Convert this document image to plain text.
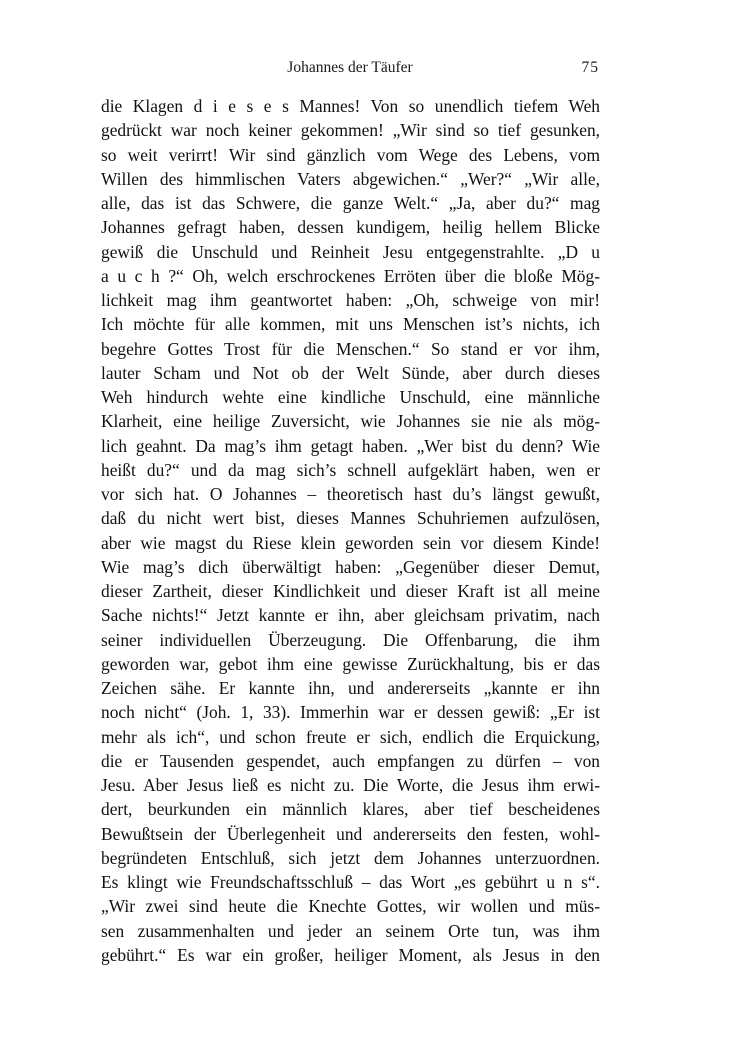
Johannes der Täufer	75
die Klagen d i e s e s Mannes! Von so unendlich tiefem Weh
gedrückt war noch keiner gekommen! „Wir sind so tief gesunken,
so weit verirrt! Wir sind gänzlich vom Wege des Lebens, vom
Willen des himmlischen Vaters abgewichen.“ „Wer?“ „Wir alle,
alle, das ist das Schwere, die ganze Welt.“ „Ja, aber du?“ mag
Johannes gefragt haben, dessen kundigem, heilig hellem Blicke
gewiß die Unschuld und Reinheit Jesu entgegenstrahlte. „D u
a u c h ?“ Oh, welch erschrockenes Erröten über die bloße Mög-
lichkeit mag ihm geantwortet haben: „Oh, schweige von mir!
Ich möchte für alle kommen, mit uns Menschen ist’s nichts, ich
begehre Gottes Trost für die Menschen.“ So stand er vor ihm,
lauter Scham und Not ob der Welt Sünde, aber durch dieses
Weh hindurch wehte eine kindliche Unschuld, eine männliche
Klarheit, eine heilige Zuversicht, wie Johannes sie nie als mög-
lich geahnt. Da mag’s ihm getagt haben. „Wer bist du denn? Wie
heißt du?“ und da mag sich’s schnell aufgeklärt haben, wen er
vor sich hat. O Johannes – theoretisch hast du’s längst gewußt,
daß du nicht wert bist, dieses Mannes Schuhriemen aufzulösen,
aber wie magst du Riese klein geworden sein vor diesem Kinde!
Wie mag’s dich überwältigt haben: „Gegenüber dieser Demut,
dieser Zartheit, dieser Kindlichkeit und dieser Kraft ist all meine
Sache nichts!“ Jetzt kannte er ihn, aber gleichsam privatim, nach
seiner individuellen Überzeugung. Die Offenbarung, die ihm
geworden war, gebot ihm eine gewisse Zurückhaltung, bis er das
Zeichen sähe. Er kannte ihn, und andererseits „kannte er ihn
noch nicht“ (Joh. 1, 33). Immerhin war er dessen gewiß: „Er ist
mehr als ich“, und schon freute er sich, endlich die Erquickung,
die er Tausenden gespendet, auch empfangen zu dürfen – von
Jesu. Aber Jesus ließ es nicht zu. Die Worte, die Jesus ihm erwi-
dert, beurkunden ein männlich klares, aber tief bescheidenes
Bewußtsein der Überlegenheit und andererseits den festen, wohl-
begründeten Entschluß, sich jetzt dem Johannes unterzuordnen.
Es klingt wie Freundschaftsschluß – das Wort „es gebührt u n s“.
„Wir zwei sind heute die Knechte Gottes, wir wollen und müs-
sen zusammenhalten und jeder an seinem Orte tun, was ihm
gebührt.“ Es war ein großer, heiliger Moment, als Jesus in den
